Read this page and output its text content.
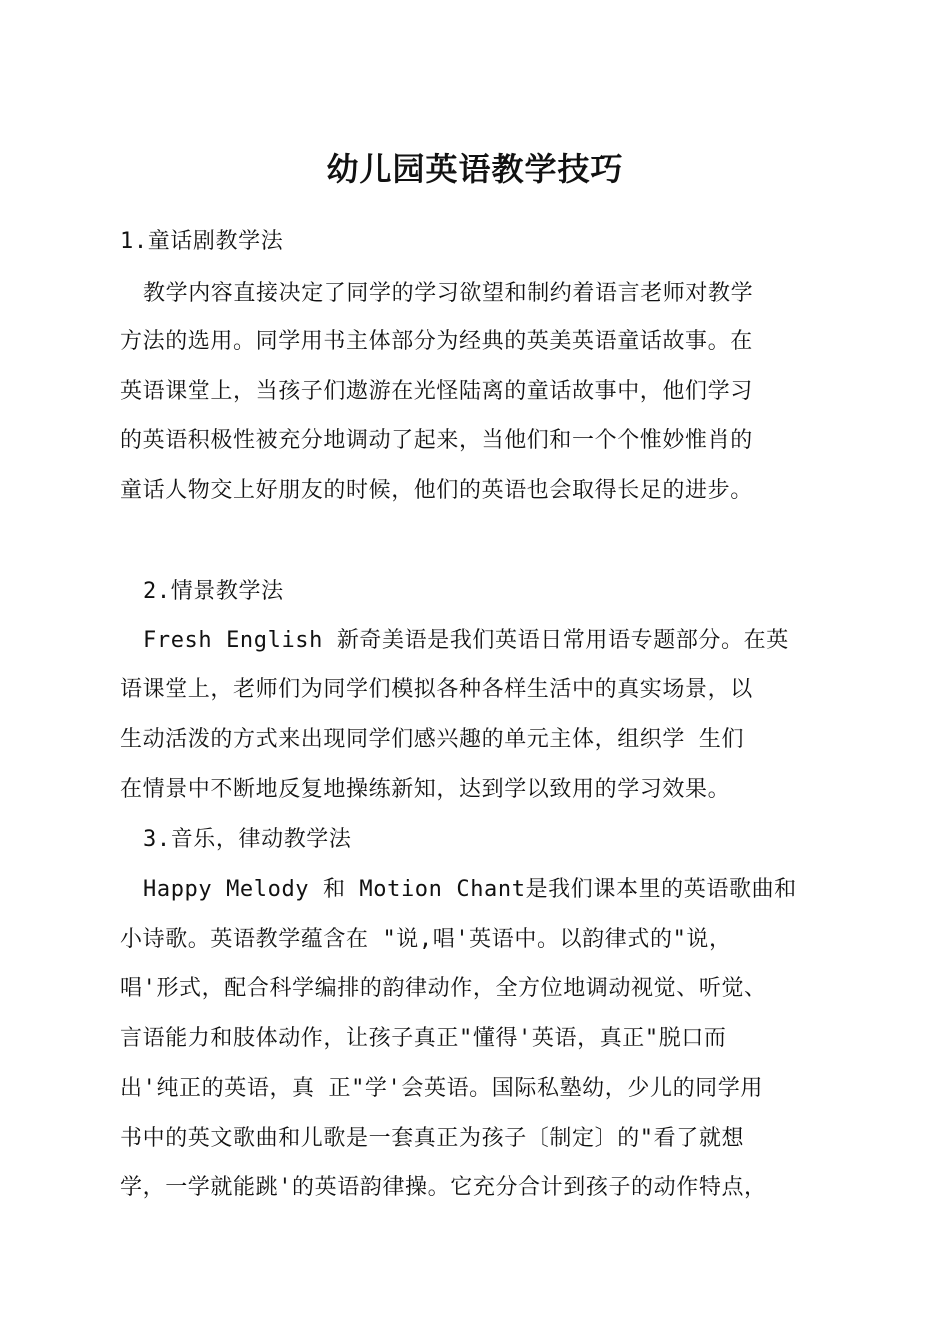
幼儿园英语教学技巧

1.童话剧教学法

教学内容直接决定了同学的学习欲望和制约着语言老师对教学

方法的选用。同学用书主体部分为经典的英美英语童话故事。在

英语课堂上，当孩子们遨游在光怪陆离的童话故事中，他们学习

的英语积极性被充分地调动了起来，当他们和一个个惟妙惟肖的

童话人物交上好朋友的时候，他们的英语也会取得长足的进步。

2.情景教学法

Fresh English 新奇美语是我们英语日常用语专题部分。在英

语课堂上，老师们为同学们模拟各种各样生活中的真实场景，以

生动活泼的方式来出现同学们感兴趣的单元主体，组织学 生们

在情景中不断地反复地操练新知，达到学以致用的学习效果。

3.音乐，律动教学法

Happy Melody 和 Motion Chant是我们课本里的英语歌曲和

小诗歌。英语教学蕴含在 "说,唱'英语中。以韵律式的"说，

唱'形式，配合科学编排的韵律动作，全方位地调动视觉、听觉、

言语能力和肢体动作，让孩子真正"懂得'英语，真正"脱口而

出'纯正的英语，真 正"学'会英语。国际私塾幼，少儿的同学用

书中的英文歌曲和儿歌是一套真正为孩子〔制定〕的"看了就想

学，一学就能跳'的英语韵律操。它充分合计到孩子的动作特点，
